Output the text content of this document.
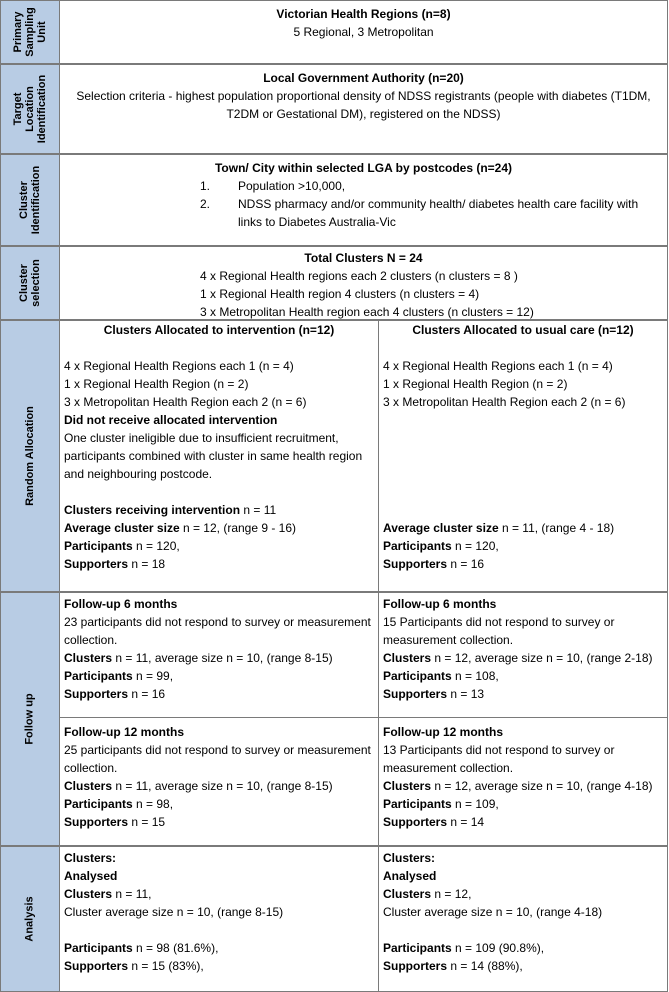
Primary
Sampling
Unit

Victorian Health Regions (n=8)

5 Regional, 3 Metropolitan

Target
Location
Identification	Local Government Authority (n=20)

Selection criteria - highest population proportional density of NDSS registrants (people with diabetes (T1DM, T2DM or Gestational DM), registered on the NDSS)

Cluster
Identification	Town/ City within selected LGA by postcodes (n=24)

1. Population >10,000,
2. NDSS pharmacy and/or community health/ diabetes health care facility with links to Diabetes Australia-Vic
Cluster
selection

Total Clusters N = 24

4 x Regional Health regions each 2 clusters (n clusters = 8 )

1 x Regional Health region 4 clusters (n clusters = 4)

3 x Metropolitan Health region each 4 clusters (n clusters = 12)

Random Allocation

Clusters Allocated to intervention (n=12)

4 x Regional Health Regions each 1 (n = 4)

1 x Regional Health Region (n = 2)

3 x Metropolitan Health Region each 2 (n = 6)

Did not receive allocated intervention

One cluster ineligible due to insufficient recruitment, participants combined with cluster in same health region and neighbouring postcode.

Clusters receiving intervention n = 11

Average cluster size n = 12, (range 9 - 16)

Participants n = 120,

Supporters n = 18

Clusters Allocated to usual care (n=12)

4 x Regional Health Regions each 1 (n = 4)

1 x Regional Health Region (n = 2)

3 x Metropolitan Health Region each 2 (n = 6)

Average cluster size n = 11, (range 4 - 18)

Participants n = 120,

Supporters n = 16

Follow up

Follow-up 6 months

23 participants did not respond to survey or measurement collection.

Clusters n = 11, average size n = 10, (range 8-15)

Participants n = 99,

Supporters n = 16

Follow-up 12 months

25 participants did not respond to survey or measurement collection.

Clusters n = 11, average size n = 10, (range 8-15)

Participants n = 98,

Supporters n = 15

Follow-up 6 months

15 Participants did not respond to survey or measurement collection.

Clusters n = 12, average size n = 10, (range 2-18)

Participants n = 108,

Supporters n = 13

Follow-up 12 months

13 Participants did not respond to survey or measurement collection.

Clusters n = 12, average size n = 10, (range 4-18)

Participants n = 109,

Supporters n = 14

Analysis

Clusters:

Analysed

Clusters n = 11,

Cluster average size n = 10, (range 8-15)

Participants n = 98 (81.6%),

Supporters n = 15 (83%),

Clusters:

Analysed

Clusters n = 12,

Cluster average size n = 10, (range 4-18)

Participants n = 109 (90.8%),

Supporters n = 14 (88%),
